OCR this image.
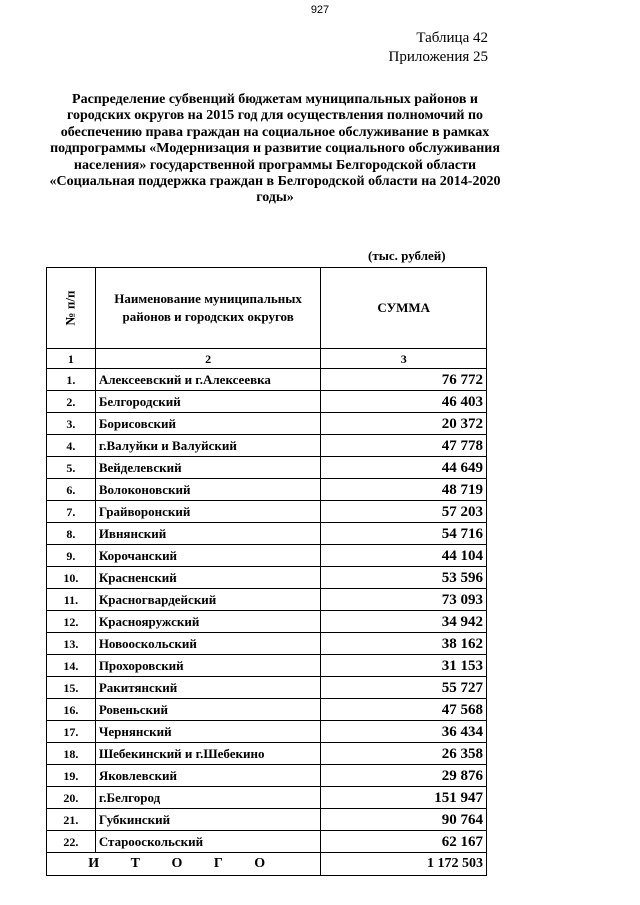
927
Таблица 42
Приложения 25
Распределение субвенций бюджетам муниципальных районов и городских округов на 2015 год для осуществления полномочий по обеспечению права граждан на социальное обслуживание в рамках подпрограммы «Модернизация и развитие социального обслуживания населения» государственной программы Белгородской области «Социальная поддержка граждан в Белгородской области на 2014-2020 годы»
(тыс. рублей)
№ п/п	Наименование муниципальных районов и городских округов	СУММА
1	2	3
1.	Алексеевский и г.Алексеевка	76 772
2.	Белгородский	46 403
3.	Борисовский	20 372
4.	г.Валуйки и Валуйский	47 778
5.	Вейделевский	44 649
6.	Волоконовский	48 719
7.	Грайворонский	57 203
8.	Ивнянский	54 716
9.	Корочанский	44 104
10.	Красненский	53 596
11.	Красногвардейский	73 093
12.	Краснояружский	34 942
13.	Новооскольский	38 162
14.	Прохоровский	31 153
15.	Ракитянский	55 727
16.	Ровеньский	47 568
17.	Чернянский	36 434
18.	Шебекинский и г.Шебекино	26 358
19.	Яковлевский	29 876
20.	г.Белгород	151 947
21.	Губкинский	90 764
22.	Старооскольский	62 167
И Т О Г О		1 172 503
